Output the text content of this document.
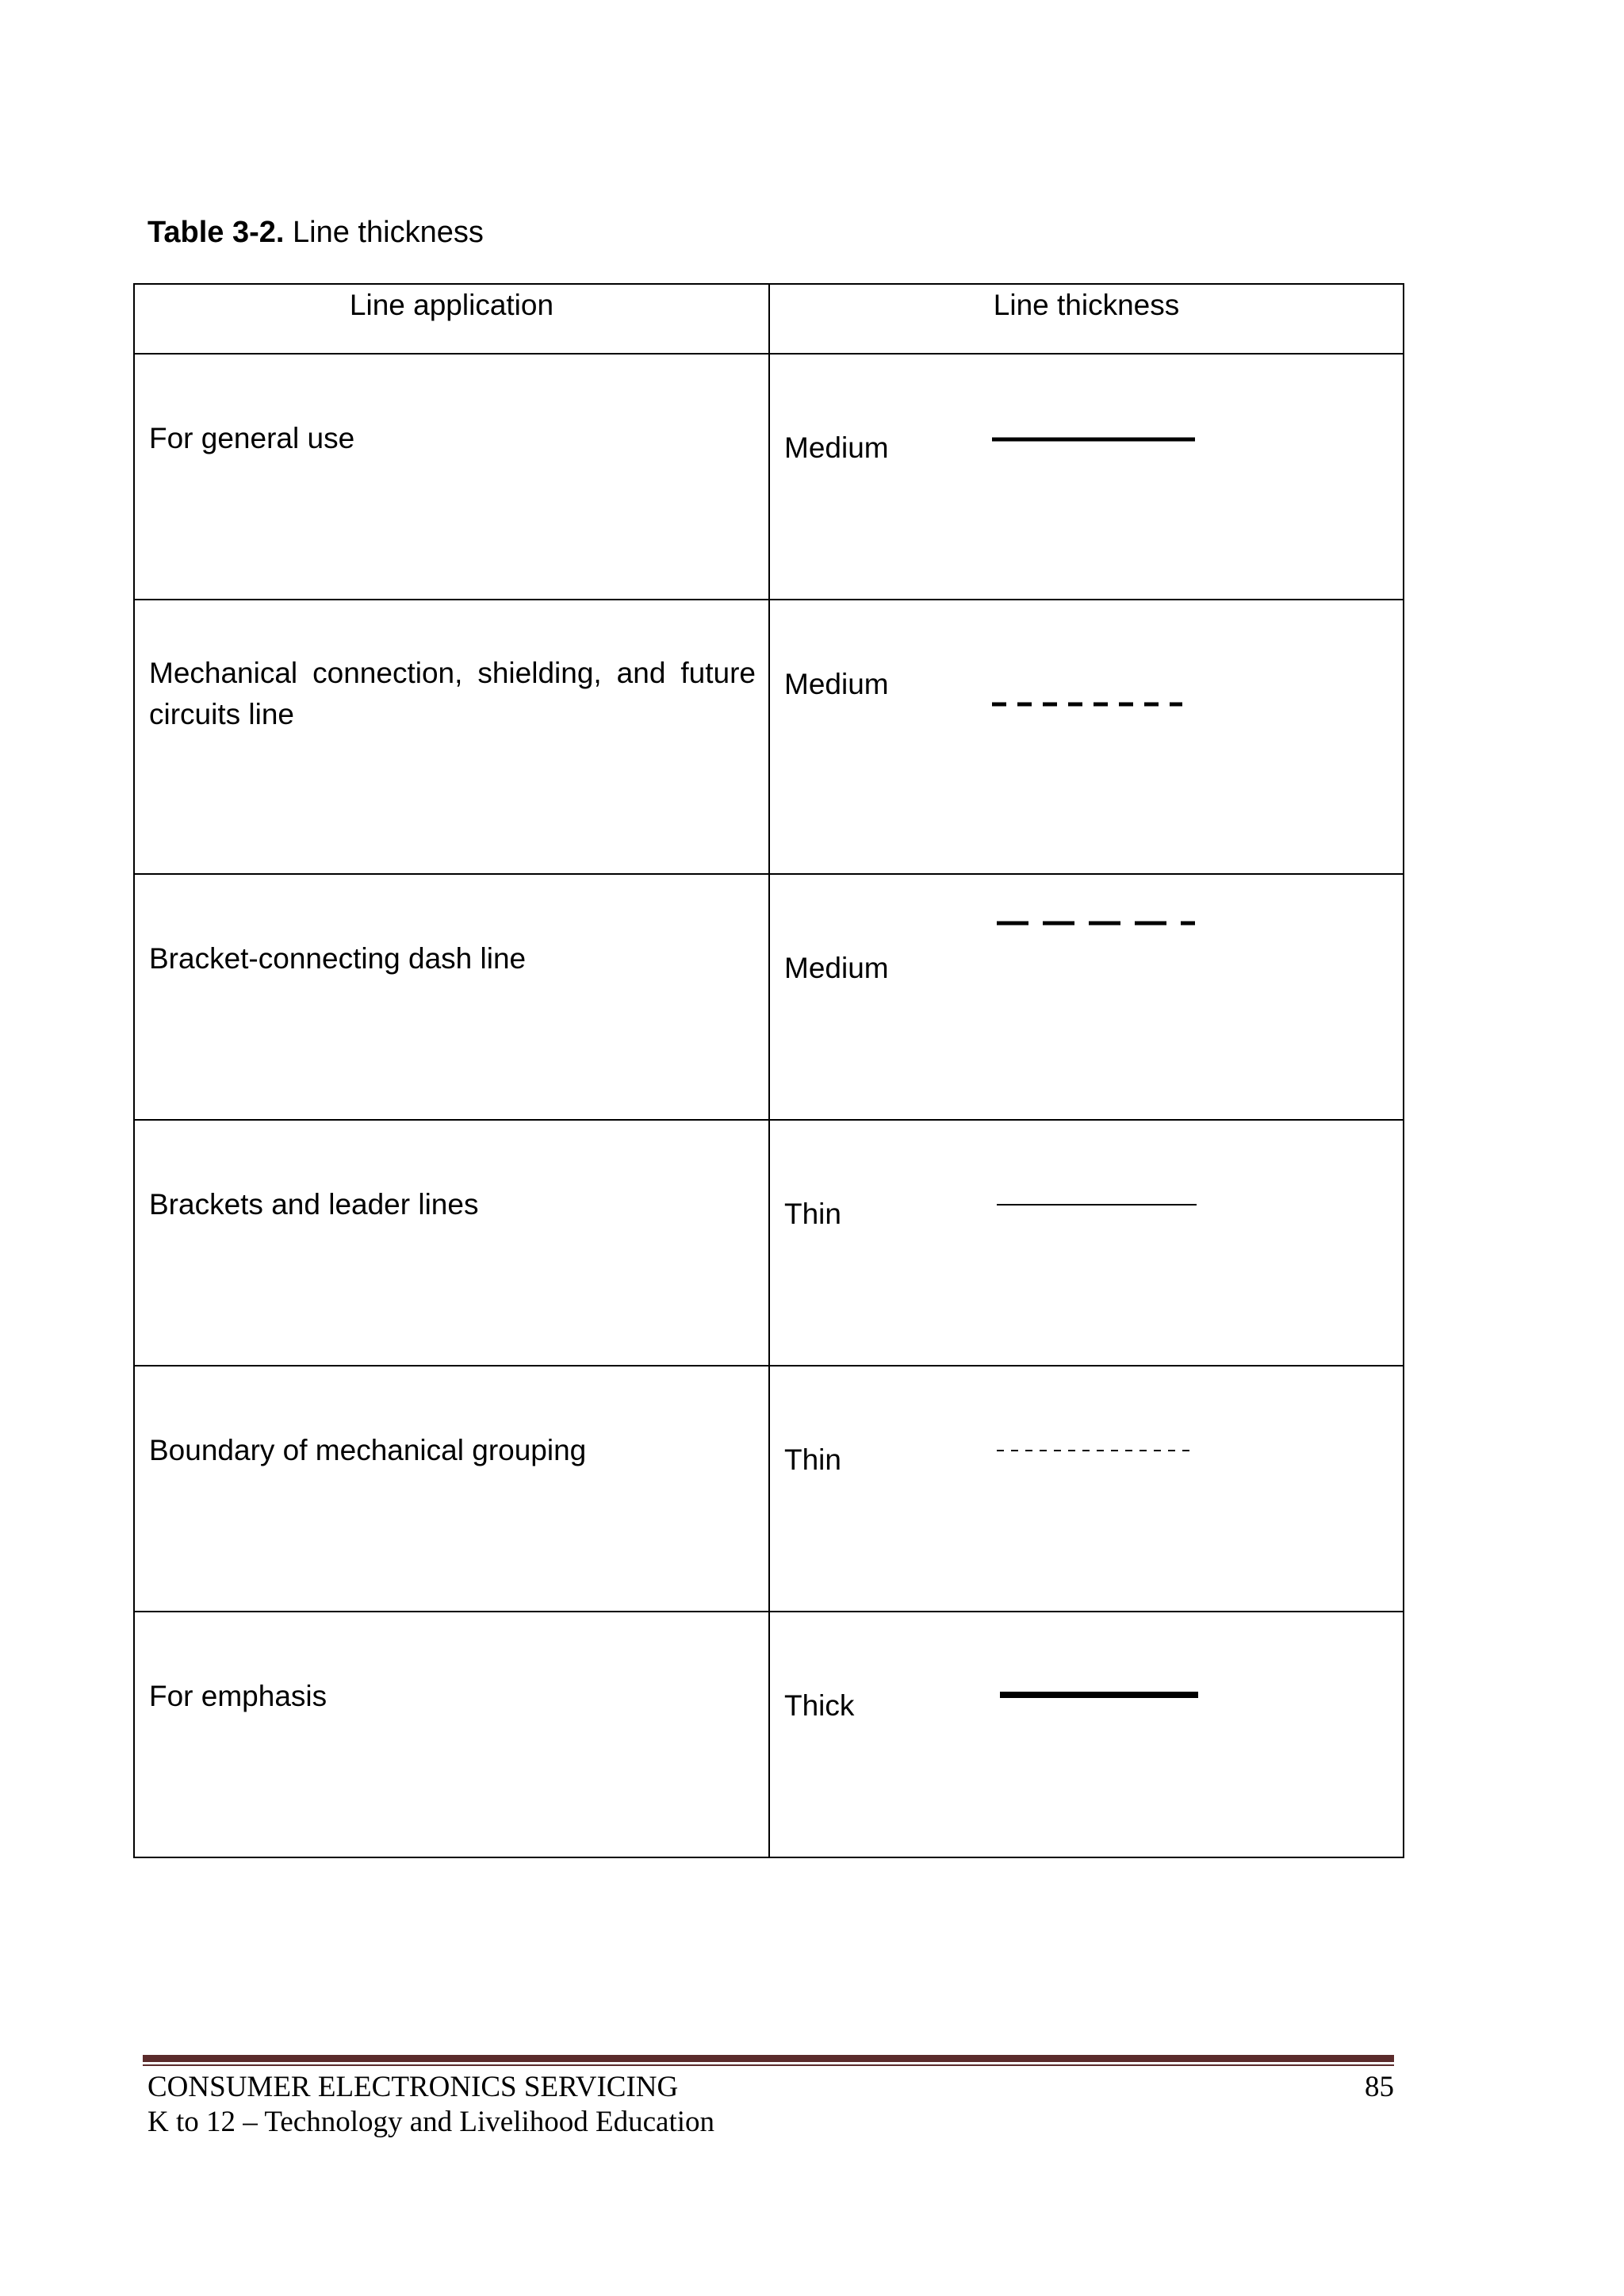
Table 3-2. Line thickness
Line application	Line thickness

For general use	Medium

Mechanical connection, shielding, and future circuits line	Medium

Bracket-connecting dash line	Medium

Brackets and leader lines	Thin

Boundary of mechanical grouping	Thin

For emphasis	Thick
CONSUMER ELECTRONICS SERVICING
K to 12 – Technology and Livelihood Education
85
